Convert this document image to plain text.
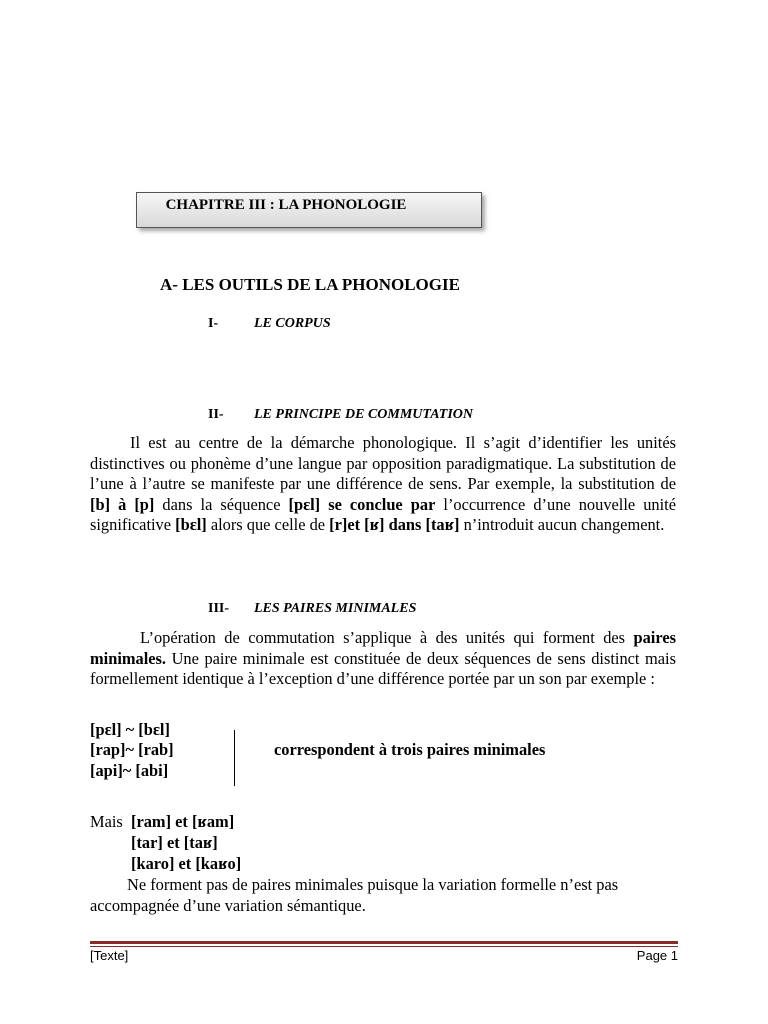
CHAPITRE III : LA PHONOLOGIE
A- LES OUTILS DE LA PHONOLOGIE
I-	LE CORPUS
II- LE PRINCIPE DE COMMUTATION
Il est au centre de la démarche phonologique. Il s’agit d’identifier les unités distinctives ou phonème d’une langue par opposition paradigmatique. La substitution de l’une à l’autre se manifeste par une différence de sens. Par exemple, la substitution de [b] à [p] dans la séquence [pɛl] se conclue par l’occurrence d’une nouvelle unité significative [bɛl] alors que celle de [r]et [ʁ] dans [taʁ] n’introduit aucun changement.
III- LES PAIRES MINIMALES
L’opération de commutation s’applique à des unités qui forment des paires minimales. Une paire minimale est constituée de deux séquences de sens distinct mais formellement identique à l’exception d’une différence portée par un son par exemple :
[pɛl] ~ [bɛl]
[rap]~ [rab]
[api]~ [abi]
correspondent à trois paires minimales
Mais [ram] et [ʁam]
[tar] et [taʁ]
[karo] et [kaʁo]
Ne forment pas de paires minimales puisque la variation formelle n’est pas accompagnée d’une variation sémantique.
[Texte]	Page 1
